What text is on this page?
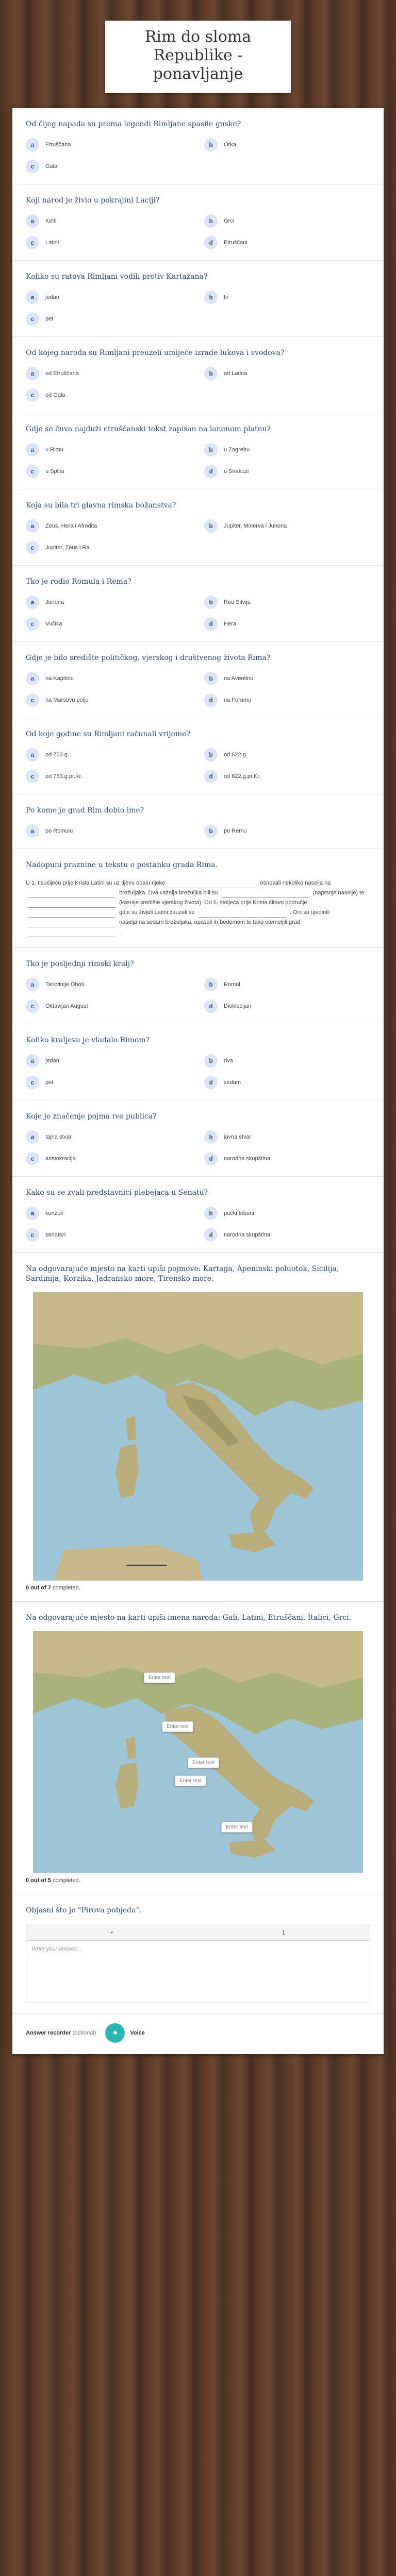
Rim do sloma Republike - ponavljanje
Od čijeg napada su prema legendi Rimljane spasile guske?
a	Etruščana	b	Orka
c	Gala
Koji narod je živio u pokrajini Laciji?
a	Kelti	b	Grci
c	Latini	d	Etruščani
Koliko su ratova Rimljani vodili protiv Kartažana?
a	jedan	b	tri
c	pet
Od kojeg naroda su Rimljani preuzeli umijeće izrade lukova i svodova?
a	od Etruščana	b	od Latina
c	od Gala
Gdje se čuva najduži etruščanski tekst zapisan na lanenom platnu?
a	u Rimu	b	u Zagrebu
c	u Splitu	d	u Sirakuzi
Koja su bila tri glavna rimska božanstva?
a	Zeus, Hera i Afrodita	b	Jupiter, Minerva i Junona
c	Jupiter, Zeus i Ra
Tko je rodio Romula i Rema?
a	Junona	b	Rea Silvija
c	Vučica	d	Hera
Gdje je bilo središte političkog, vjerskog i društvenog života Rima?
a	na Kapitolu	b	na Aventinu
c	na Marsovu polju	d	na Forumu
Od koje godine su Rimljani računali vrijeme?
a	od 753.g.	b	od 622.g.
c	od 753.g.pr.Kr.	d	od 622.g.pr.Kr.
Po kome je grad Rim dobio ime?
a	po Romulu	b	po Remu
Nadopuni praznine u tekstu o postanku grada Rima.
U 1. tisućljeću prije Krista Latini su uz tijevu obalu rijeke	osnovali nekoliko naselja na  brežuljaka. Dva važnija brežuljka bili su	(naprsnje naselje) te  (kasnije središte vjerskog života). Od 6. stoljeća prije Krista čitavo područje  gdje su živjeli Latini zauzeli su	. Oni su ujedinili  naselja na sedam brežuljaka, opasali ih bedemom te tako utemeljili grad  .
Tko je posljednji rimski kralj?
a	Tarkvinije Oholi	b	Romul
c	Oktavijan August	d	Dioklecijan
Koliko kraljeva je vladalo Rimom?
a	jedan	b	dva
c	pet	d	sedam
Koje je značenje pojma res publica?
a	tajna stvar	b	javna stvar
c	aristokracija	d	narodna skupština
Kako su se zvali predstavnici plebejaca u Senatu?
a	konzuli	b	pučki tribuni
c	senatori	d	narodna skupština
Na odgovarajuće mjesto na karti upiši pojmove: Kartaga, Apeninski poluotok, Sicilija, Sardinija, Korzika, Jadransko more, Tirensko more.
0 out of 7 completed.
Na odgovarajuće mjesto na karti upiši imena naroda: Gali, Latini, Etruščani, Italici, Grci.
Enter text
Enter text
Enter text
Enter text
Enter text
0 out of 5 completed.
Objasni što je "Pirova pobjeda".
•	1
Write your answer...
Answer recorder (optional) ● Voice
